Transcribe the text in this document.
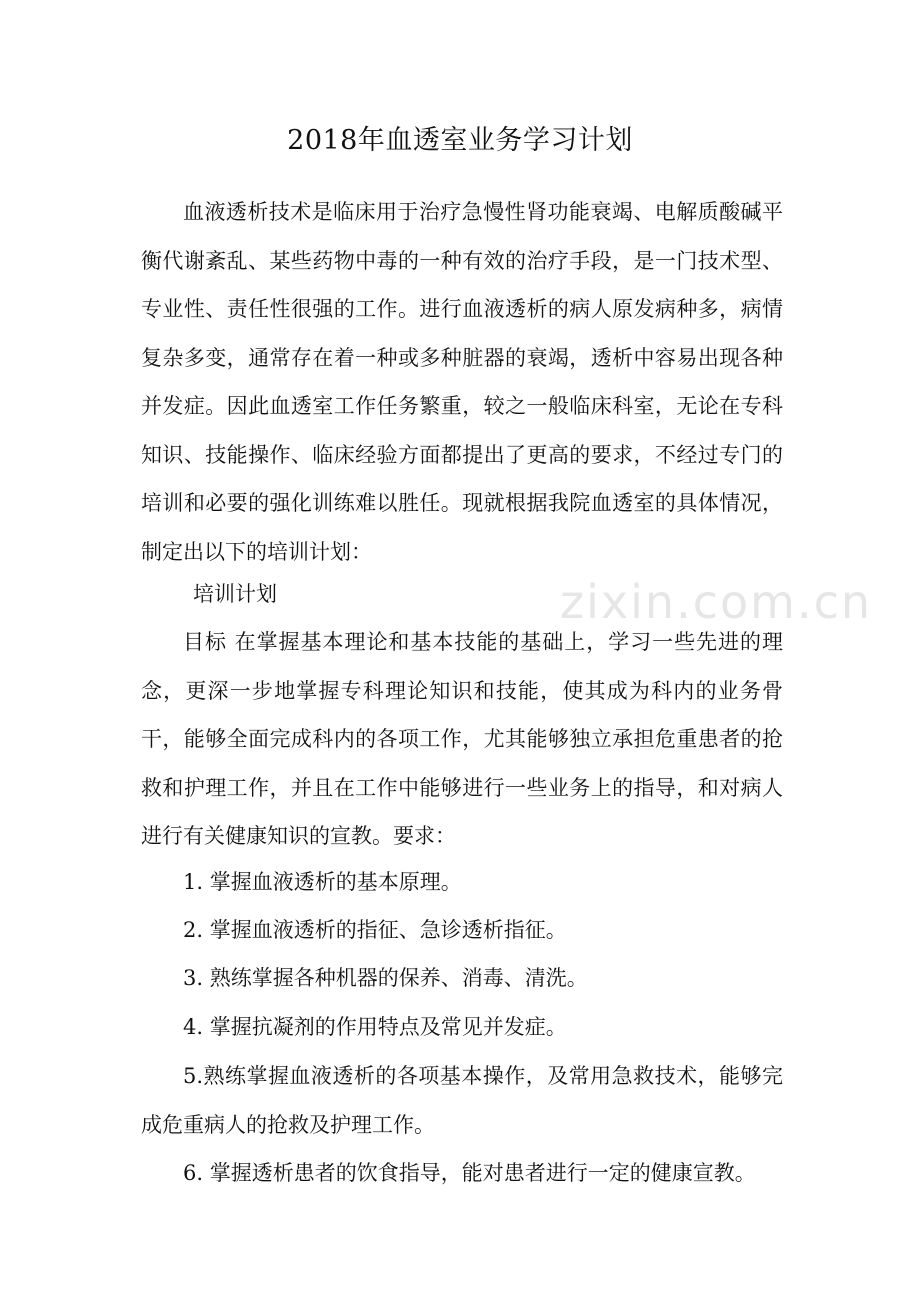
zixin.com.cn
2018年血透室业务学习计划

血液透析技术是临床用于治疗急慢性肾功能衰竭、电解质酸碱平衡代谢紊乱、某些药物中毒的一种有效的治疗手段，是一门技术型、专业性、责任性很强的工作。进行血液透析的病人原发病种多，病情复杂多变，通常存在着一种或多种脏器的衰竭，透析中容易出现各种并发症。因此血透室工作任务繁重，较之一般临床科室，无论在专科知识、技能操作、临床经验方面都提出了更高的要求，不经过专门的培训和必要的强化训练难以胜任。现就根据我院血透室的具体情况，制定出以下的培训计划：

培训计划

目标 在掌握基本理论和基本技能的基础上，学习一些先进的理念，更深一步地掌握专科理论知识和技能，使其成为科内的业务骨干，能够全面完成科内的各项工作，尤其能够独立承担危重患者的抢救和护理工作，并且在工作中能够进行一些业务上的指导，和对病人进行有关健康知识的宣教。要求：

1. 掌握血液透析的基本原理。
2. 掌握血液透析的指征、急诊透析指征。
3. 熟练掌握各种机器的保养、消毒、清洗。
4. 掌握抗凝剂的作用特点及常见并发症。
5.熟练掌握血液透析的各项基本操作，及常用急救技术，能够完成危重病人的抢救及护理工作。
6. 掌握透析患者的饮食指导，能对患者进行一定的健康宣教。
